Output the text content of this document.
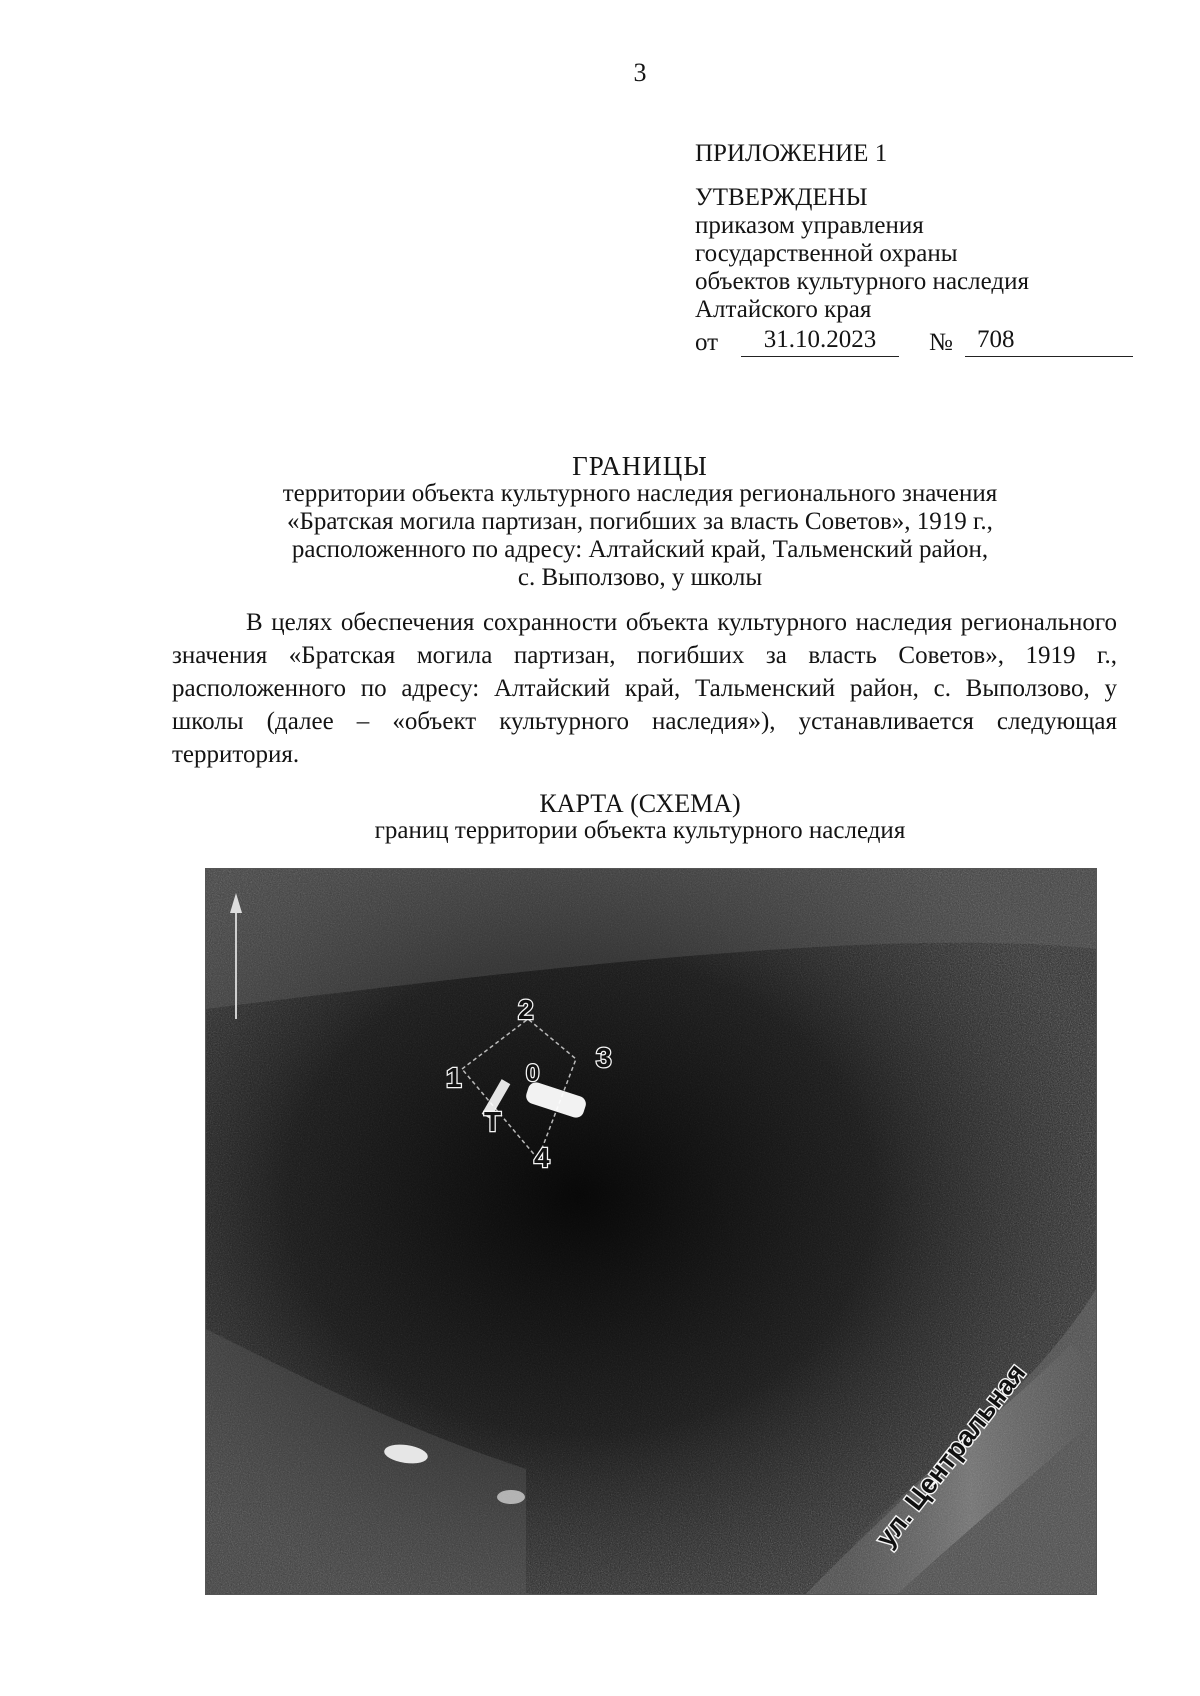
3
ПРИЛОЖЕНИЕ 1
УТВЕРЖДЕНЫ
приказом управления
государственной охраны
объектов культурного наследия
Алтайского края
от	31.10.2023	№ 708
ГРАНИЦЫ
территории объекта культурного наследия регионального значения
«Братская могила партизан, погибших за власть Советов», 1919 г.,
расположенного по адресу: Алтайский край, Тальменский район,
с. Выползово, у школы
В целях обеспечения сохранности объекта культурного наследия регионального значения «Братская могила партизан, погибших за власть Советов», 1919 г., расположенного по адресу: Алтайский край, Тальменский район, с. Выползово, у школы (далее – «объект культурного наследия»), устанавливается следующая территория.
КАРТА (СХЕМА)
границ территории объекта культурного наследия
1
2
3
4
0
Т
ул. Центральная
